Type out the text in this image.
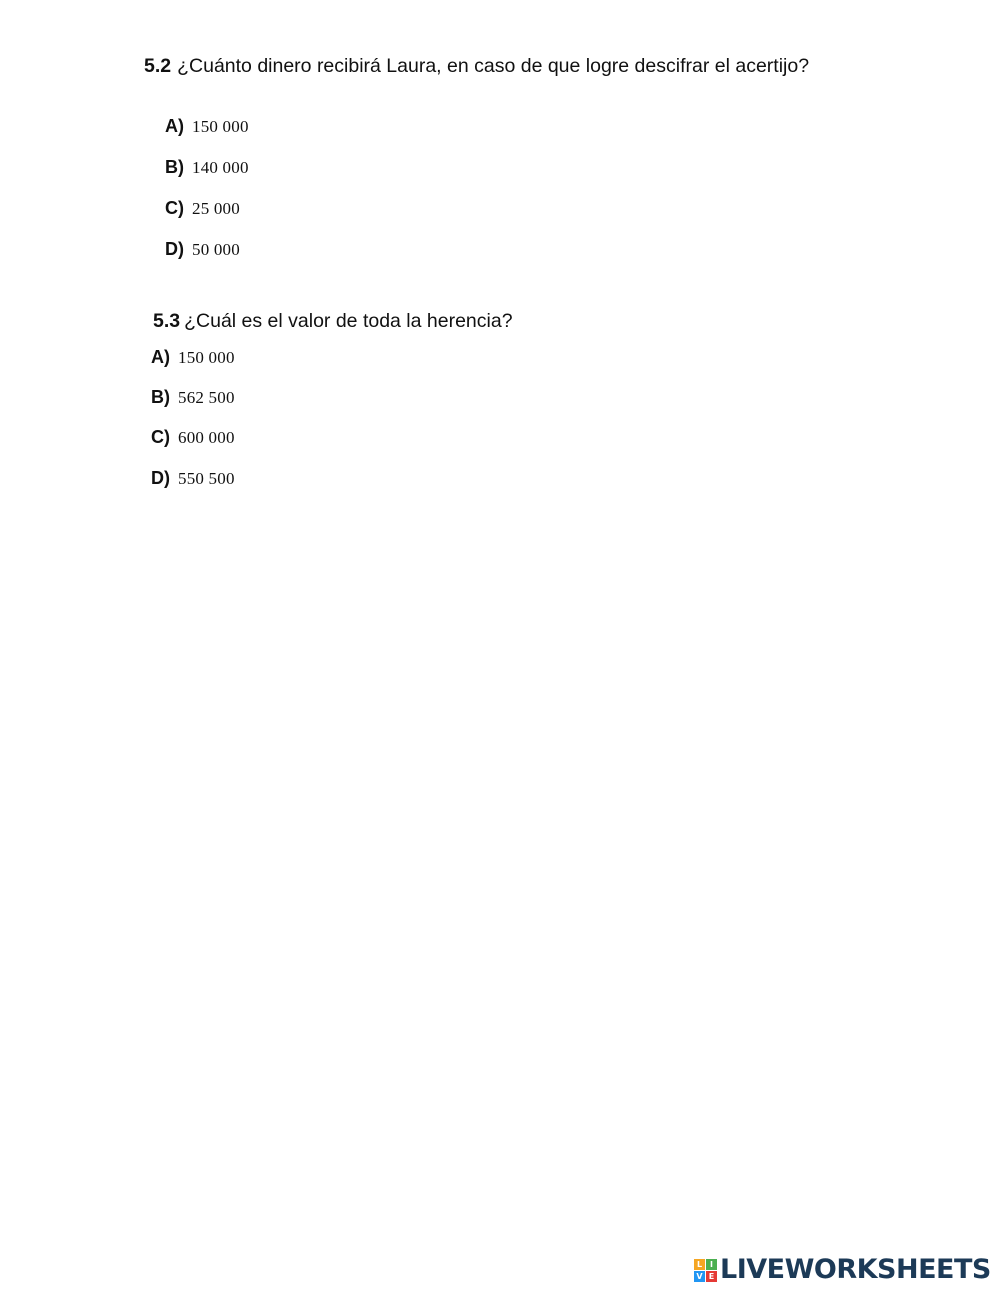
5.2 ¿Cuánto dinero recibirá Laura, en caso de que logre descifrar el acertijo?
A) 150 000
B) 140 000
C) 25 000
D) 50 000
5.3 ¿Cuál es el valor de toda la herencia?
A) 150 000
B) 562 500
C) 600 000
D) 550 500
L I
V E LIVEWORKSHEETS
